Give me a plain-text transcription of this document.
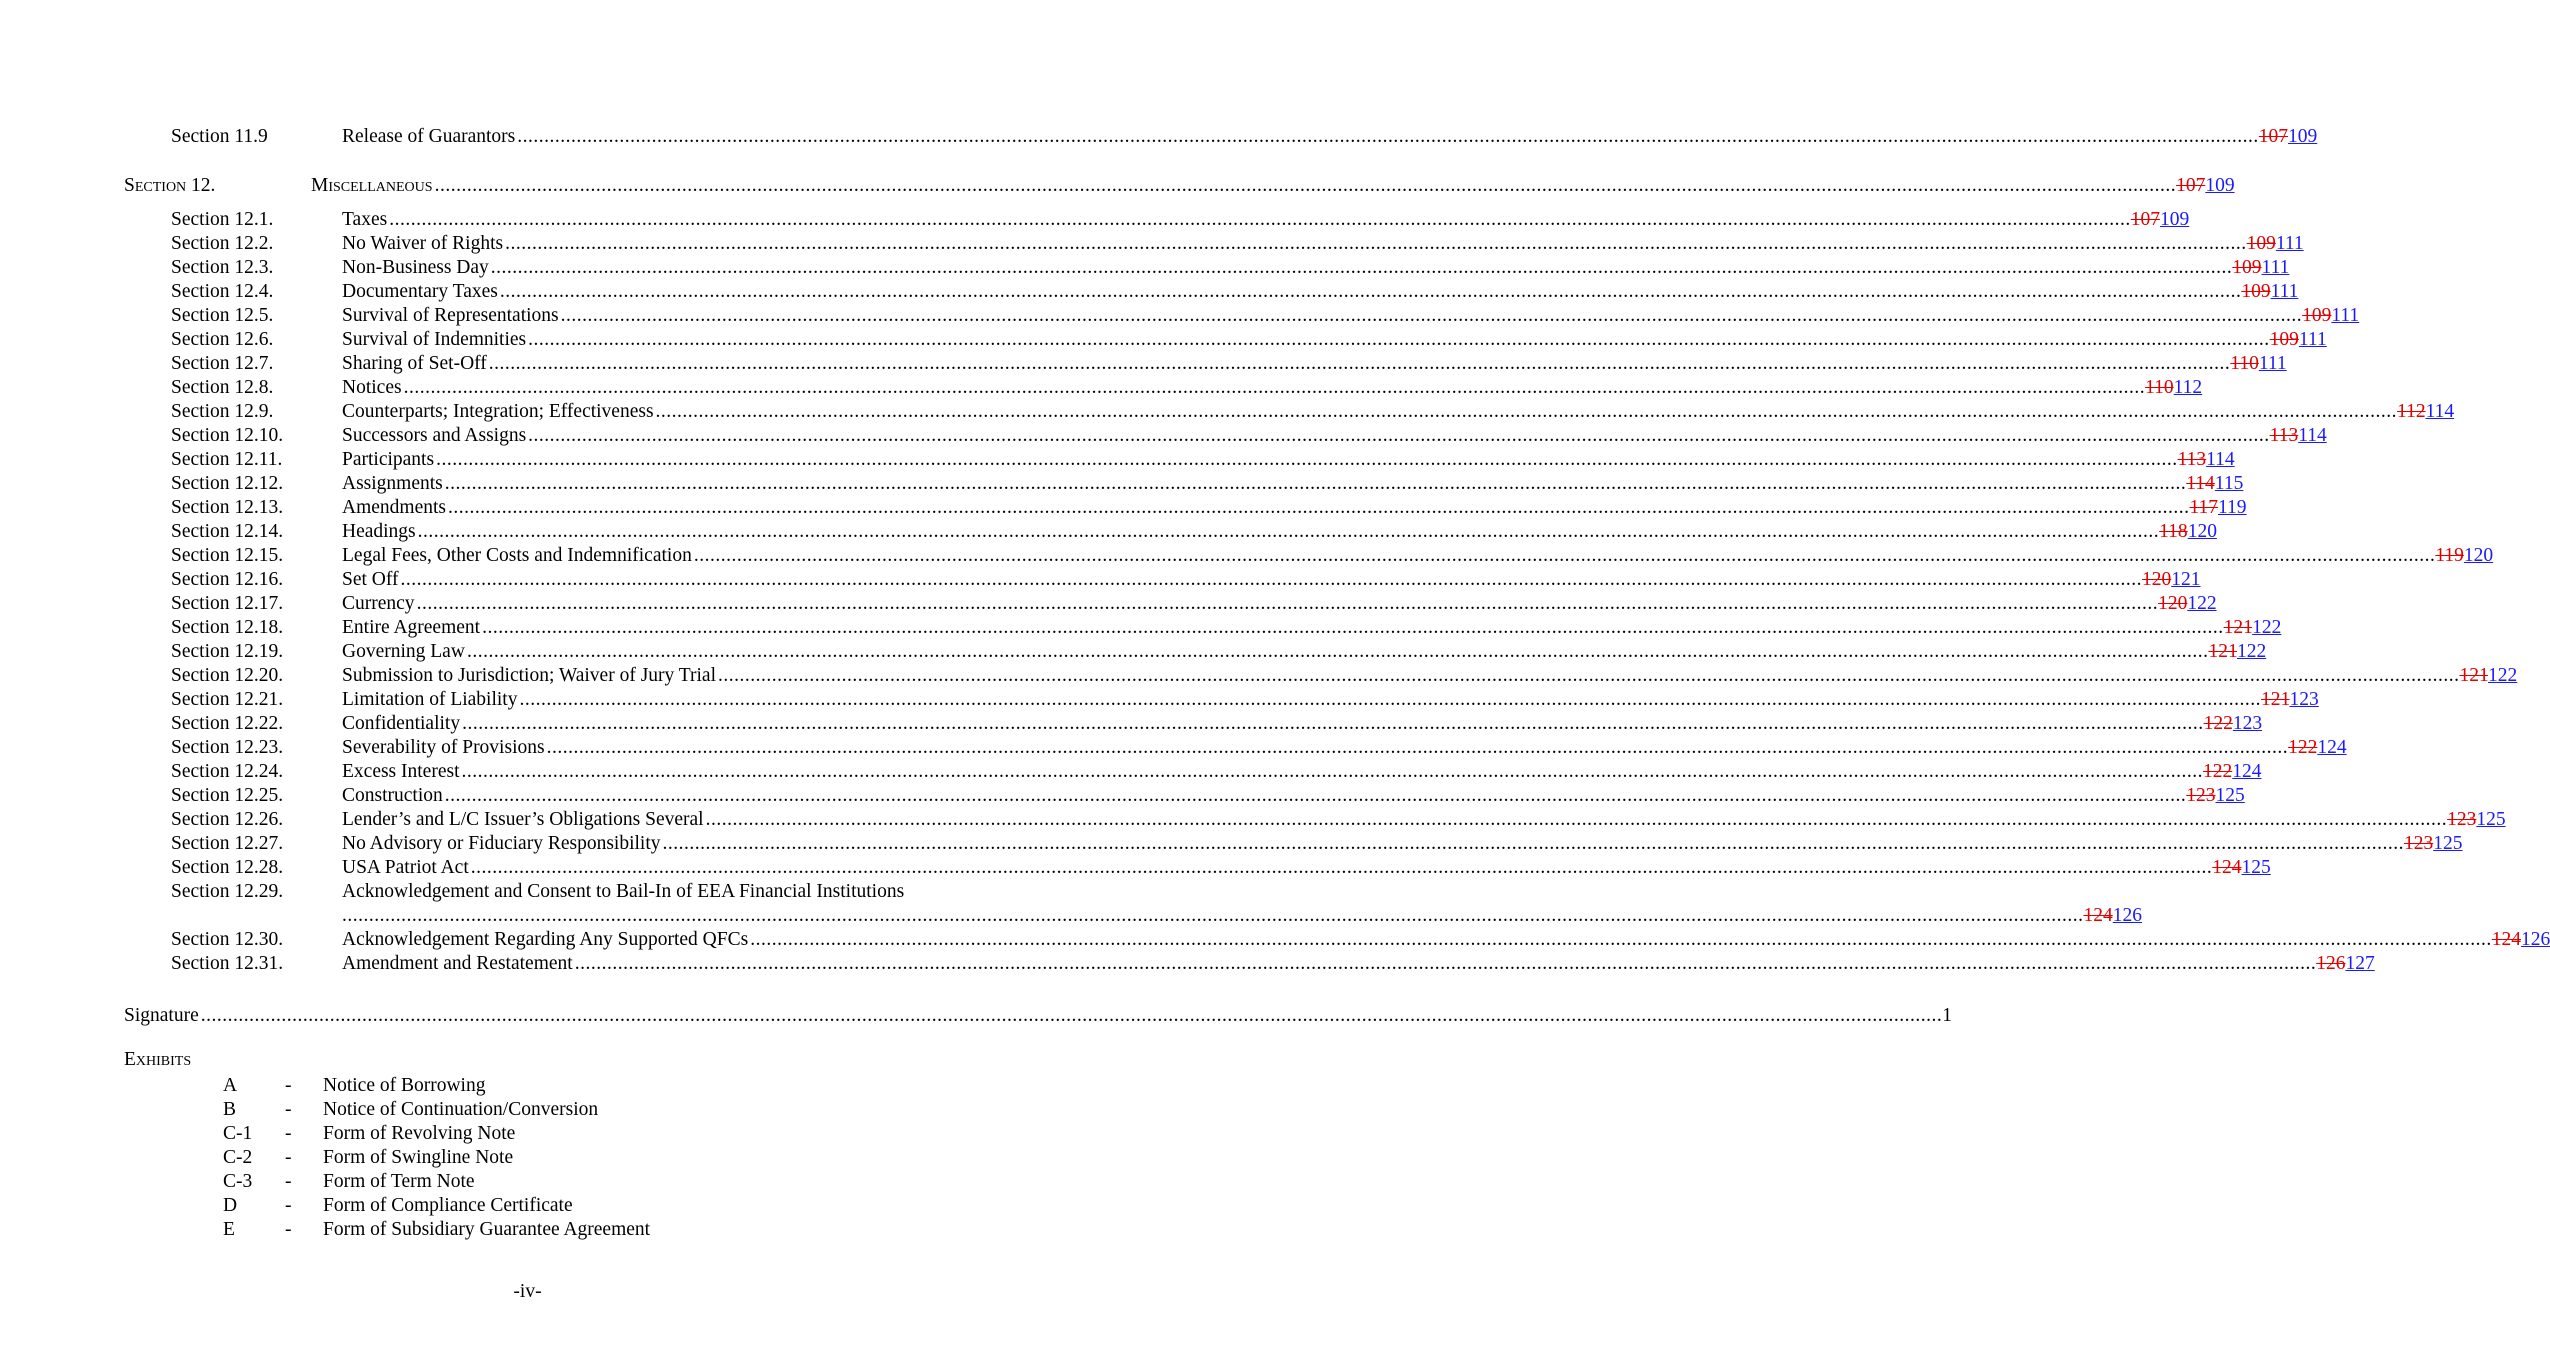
Section 11.9	Release of Guarantors .................................................................................................................................................................................................................................................................................................................................... 107109
Section 12.	Miscellaneous .................................................................................................................................................................................................................................................................................................................................... 107109
Section 12.1.	Taxes .................................................................................................................................................................................................................................................................................................................................... 107109
Section 12.2.	No Waiver of Rights .................................................................................................................................................................................................................................................................................................................................... 109111
Section 12.3.	Non-Business Day .................................................................................................................................................................................................................................................................................................................................... 109111
Section 12.4.	Documentary Taxes .................................................................................................................................................................................................................................................................................................................................... 109111
Section 12.5.	Survival of Representations .................................................................................................................................................................................................................................................................................................................................... 109111
Section 12.6.	Survival of Indemnities .................................................................................................................................................................................................................................................................................................................................... 109111
Section 12.7.	Sharing of Set-Off .................................................................................................................................................................................................................................................................................................................................... 110111
Section 12.8.	Notices .................................................................................................................................................................................................................................................................................................................................... 110112
Section 12.9.	Counterparts; Integration; Effectiveness .................................................................................................................................................................................................................................................................................................................................... 112114
Section 12.10.	Successors and Assigns .................................................................................................................................................................................................................................................................................................................................... 113114
Section 12.11.	Participants .................................................................................................................................................................................................................................................................................................................................... 113114
Section 12.12.	Assignments .................................................................................................................................................................................................................................................................................................................................... 114115
Section 12.13.	Amendments .................................................................................................................................................................................................................................................................................................................................... 117119
Section 12.14.	Headings .................................................................................................................................................................................................................................................................................................................................... 118120
Section 12.15.	Legal Fees, Other Costs and Indemnification .................................................................................................................................................................................................................................................................................................................................... 119120
Section 12.16.	Set Off .................................................................................................................................................................................................................................................................................................................................... 120121
Section 12.17.	Currency .................................................................................................................................................................................................................................................................................................................................... 120122
Section 12.18.	Entire Agreement .................................................................................................................................................................................................................................................................................................................................... 121122
Section 12.19.	Governing Law .................................................................................................................................................................................................................................................................................................................................... 121122
Section 12.20.	Submission to Jurisdiction; Waiver of Jury Trial .................................................................................................................................................................................................................................................................................................................................... 121122
Section 12.21.	Limitation of Liability .................................................................................................................................................................................................................................................................................................................................... 121123
Section 12.22.	Confidentiality .................................................................................................................................................................................................................................................................................................................................... 122123
Section 12.23.	Severability of Provisions .................................................................................................................................................................................................................................................................................................................................... 122124
Section 12.24.	Excess Interest .................................................................................................................................................................................................................................................................................................................................... 122124
Section 12.25.	Construction .................................................................................................................................................................................................................................................................................................................................... 123125
Section 12.26.	Lender’s and L/C Issuer’s Obligations Several .................................................................................................................................................................................................................................................................................................................................... 123125
Section 12.27.	No Advisory or Fiduciary Responsibility .................................................................................................................................................................................................................................................................................................................................... 123125
Section 12.28.	USA Patriot Act .................................................................................................................................................................................................................................................................................................................................... 124125
Section 12.29.	Acknowledgement and Consent to Bail-In of EEA Financial Institutions
.................................................................................................................................................................................................................................................................................................................................... 124126
Section 12.30.	Acknowledgement Regarding Any Supported QFCs .................................................................................................................................................................................................................................................................................................................................... 124126
Section 12.31.	Amendment and Restatement .................................................................................................................................................................................................................................................................................................................................... 126127
Signature .................................................................................................................................................................................................................................................................................................................................... 1
Exhibits
A - Notice of Borrowing
B	- Notice of Continuation/Conversion
C-1 - Form of Revolving Note
C-2 - Form of Swingline Note
C-3 - Form of Term Note
D - Form of Compliance Certificate
E	- Form of Subsidiary Guarantee Agreement
-iv-
